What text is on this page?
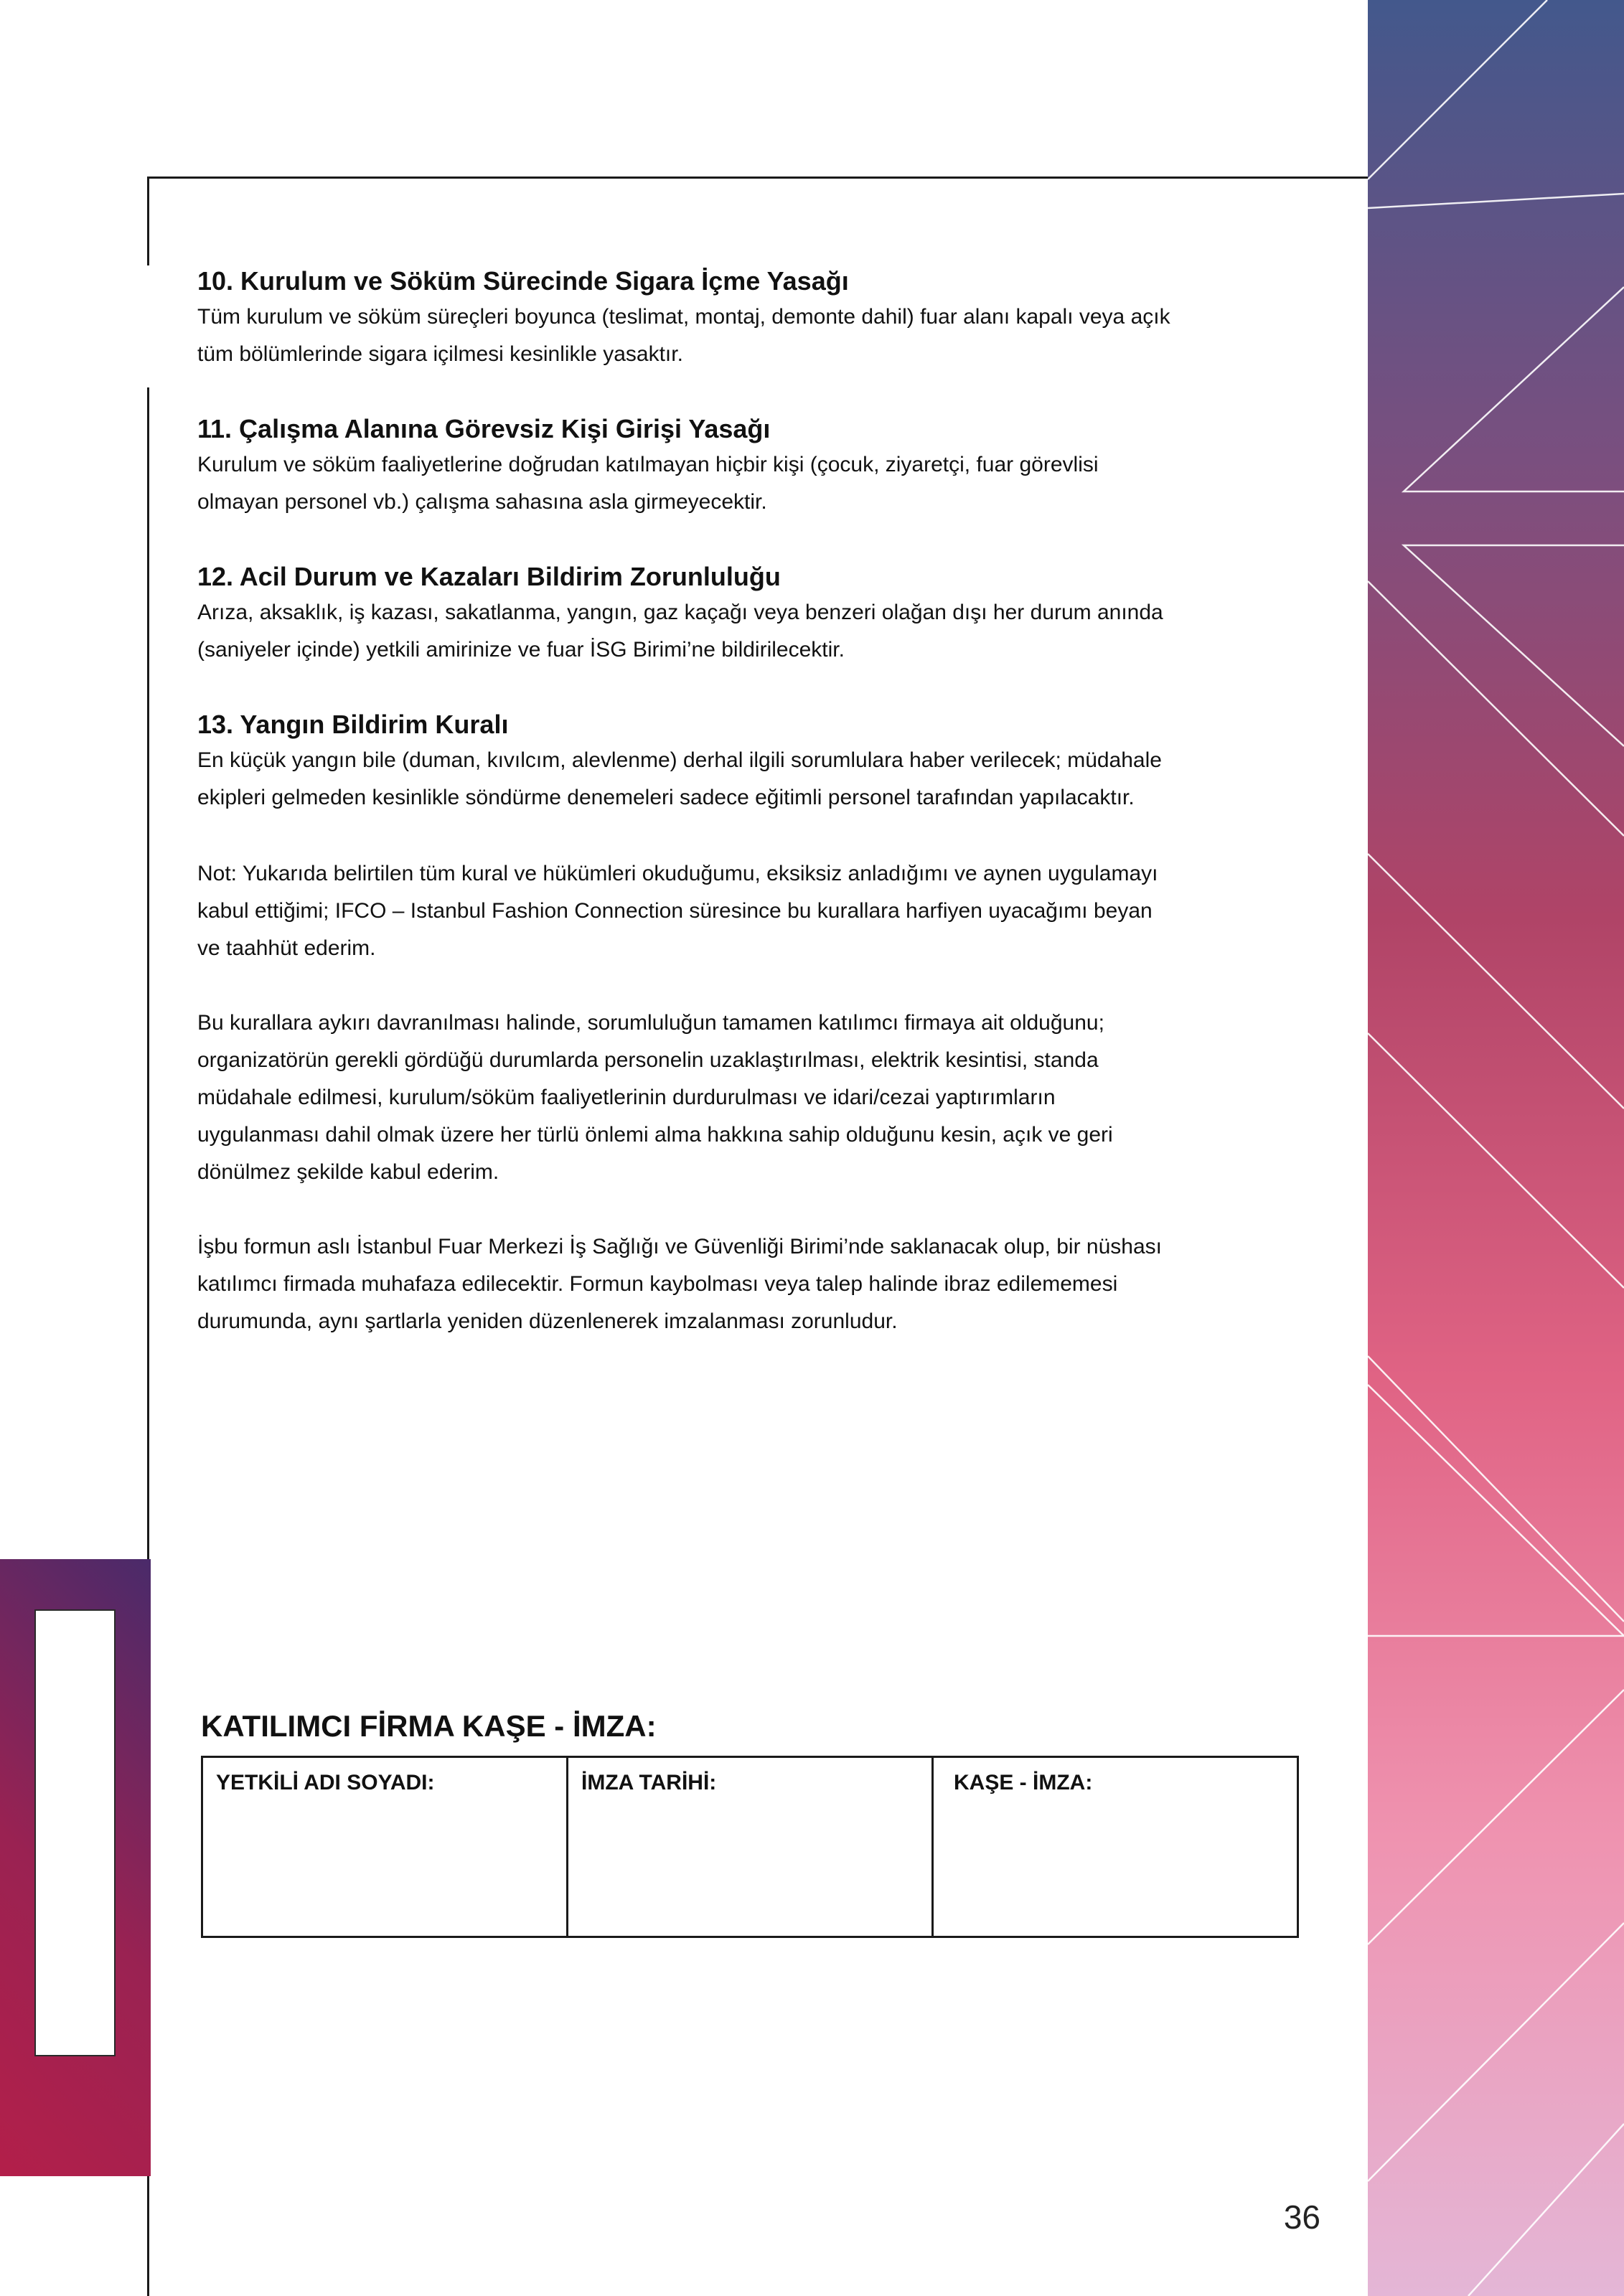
10. Kurulum ve Söküm Sürecinde Sigara İçme Yasağı

Tüm kurulum ve söküm süreçleri boyunca (teslimat, montaj, demonte dahil) fuar alanı kapalı veya açık

tüm bölümlerinde sigara içilmesi kesinlikle yasaktır.

11. Çalışma Alanına Görevsiz Kişi Girişi Yasağı

Kurulum ve söküm faaliyetlerine doğrudan katılmayan hiçbir kişi (çocuk, ziyaretçi, fuar görevlisi

olmayan personel vb.) çalışma sahasına asla girmeyecektir.

12. Acil Durum ve Kazaları Bildirim Zorunluluğu

Arıza, aksaklık, iş kazası, sakatlanma, yangın, gaz kaçağı veya benzeri olağan dışı her durum anında

(saniyeler içinde) yetkili amirinize ve fuar İSG Birimi’ne bildirilecektir.

13. Yangın Bildirim Kuralı

En küçük yangın bile (duman, kıvılcım, alevlenme) derhal ilgili sorumlulara haber verilecek; müdahale

ekipleri gelmeden kesinlikle söndürme denemeleri sadece eğitimli personel tarafından yapılacaktır.

Not: Yukarıda belirtilen tüm kural ve hükümleri okuduğumu, eksiksiz anladığımı ve aynen uygulamayı

kabul ettiğimi; IFCO – Istanbul Fashion Connection süresince bu kurallara harfiyen uyacağımı beyan

ve taahhüt ederim.

Bu kurallara aykırı davranılması halinde, sorumluluğun tamamen katılımcı firmaya ait olduğunu;

organizatörün gerekli gördüğü durumlarda personelin uzaklaştırılması, elektrik kesintisi, standa

müdahale edilmesi, kurulum/söküm faaliyetlerinin durdurulması ve idari/cezai yaptırımların

uygulanması dahil olmak üzere her türlü önlemi alma hakkına sahip olduğunu kesin, açık ve geri

dönülmez şekilde kabul ederim.

İşbu formun aslı İstanbul Fuar Merkezi İş Sağlığı ve Güvenliği Birimi’nde saklanacak olup, bir nüshası

katılımcı firmada muhafaza edilecektir. Formun kaybolması veya talep halinde ibraz edilememesi

durumunda, aynı şartlarla yeniden düzenlenerek imzalanması zorunludur.

KATILIMCI FİRMA KAŞE - İMZA:
YETKİLİ ADI SOYADI:	İMZA TARİHİ:	KAŞE - İMZA:
36
